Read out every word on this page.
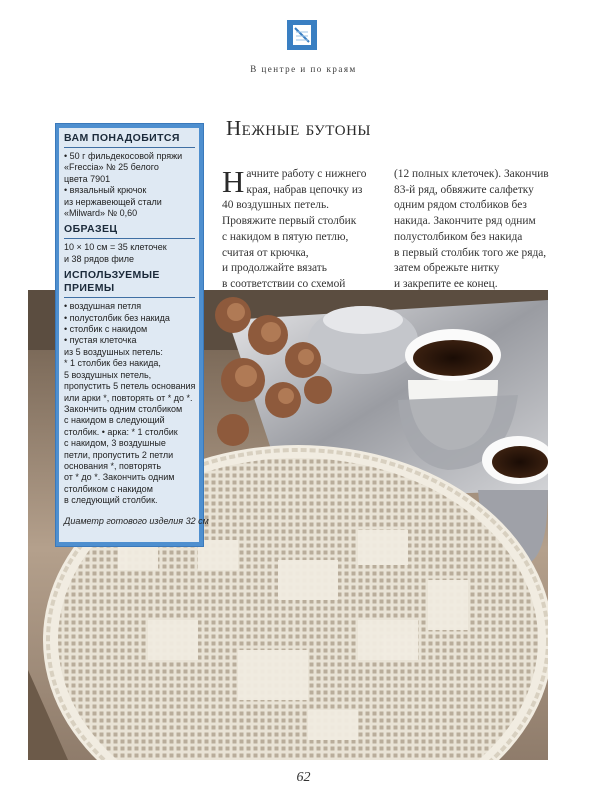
В центре и по краям
Нежные бутоны
Н ачните работу с нижнего
края, набрав цепочку из
40 воздушных петель.
Провяжите первый столбик
с накидом в пятую петлю,
считая от крючка,
и продолжайте вязать
в соответствии со схемой
(12 полных клеточек). Закончив
83-й ряд, обвяжите салфетку
одним рядом столбиков без
накида. Закончите ряд одним
полустолбиком без накида
в первый столбик того же ряда,
затем обрежьте нитку
и закрепите ее конец.
ВАМ ПОНАДОБИТСЯ
• 50 г фильдекосовой пряжи
«Freccia» № 25 белого
цвета 7901
• вязальный крючок
из нержавеющей стали
«Milward» № 0,60
ОБРАЗЕЦ
10 × 10 см = 35 клеточек
и 38 рядов филе
ИСПОЛЬЗУЕМЫЕ ПРИЕМЫ
• воздушная петля
• полустолбик без накида
• столбик с накидом
• пустая клеточка
из 5 воздушных петель:
* 1 столбик без накида,
5 воздушных петель,
пропустить 5 петель основания
или арки *, повторять от * до *.
Закончить одним столбиком
с накидом в следующий
столбик. • арка: * 1 столбик
с накидом, 3 воздушные
петли, пропустить 2 петли
основания *, повторять
от * до *. Закончить одним
столбиком с накидом
в следующий столбик.
Диаметр готового изделия 32 см
62
